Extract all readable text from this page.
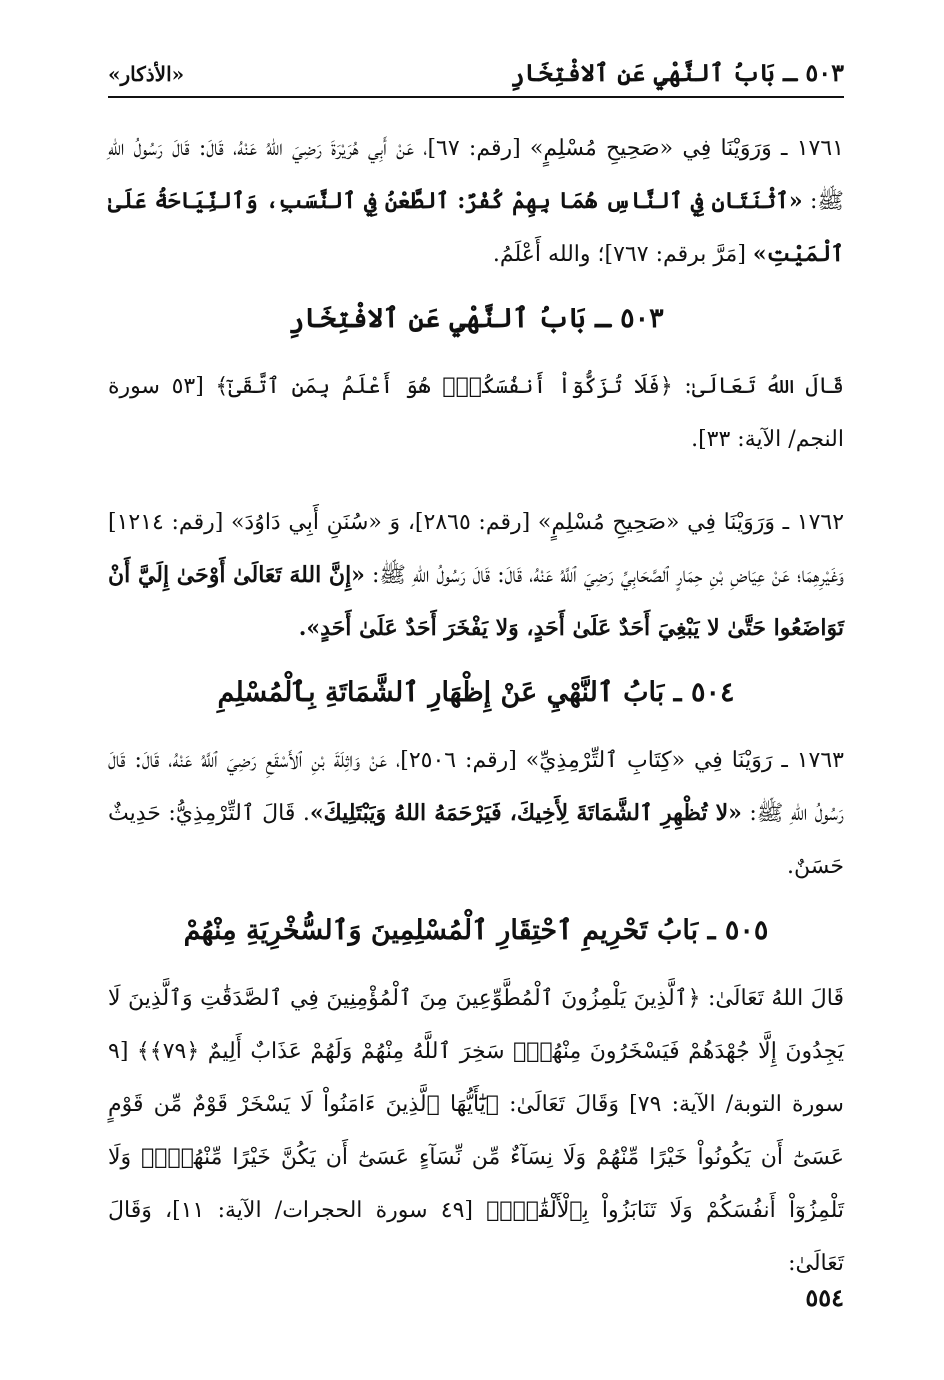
٥٠٣ ـ بَابُ ٱلنَّهْيِ عَنِ ٱلافْتِخَارِ
«الأذكار»

١٧٦١ ـ وَرَوَيْنَا فِي «صَحِيحِ مُسْلِمٍ» [رقم: ٦٧]، عَنْ أَبِي هُرَيْرَةَ رَضِيَ اللهُ عَنْهُ، قَالَ: قَالَ رَسُولُ اللهِ ﷺ: «ٱثْنَتَانِ فِي ٱلنَّاسِ هُمَا بِهِمْ كُفْرٌ: ٱلطَّعْنُ فِي ٱلنَّسَبِ، وَٱلنِّيَاحَةُ عَلَىٰ ٱلْمَيْتِ» [مَرَّ برقم: ٧٦٧]؛ والله أَعْلَمُ.

٥٠٣ ـ بَابُ ٱلنَّهْيِ عَنِ ٱلافْتِخَارِ

قَالَ اللهُ تَعَالَىٰ: ﴿فَلَا تُزَكُّوٓاْ أَنفُسَكُمْۖ هُوَ أَعْلَمُ بِمَنِ ٱتَّقَىٰٓ﴾ [٥٣ سورة النجم/ الآية: ٣٣].

١٧٦٢ ـ وَرَوَيْنَا فِي «صَحِيحِ مُسْلِمٍ» [رقم: ٢٨٦٥]، وَ «سُنَنِ أَبِي دَاوُدَ» [رقم: ١٢١٤] وَغَيْرِهِمَا؛ عَنْ عِيَاضِ بْنِ حِمَارٍ ٱلصَّحَابِيِّ رَضِيَ ٱللَّهُ عَنْهُ، قَالَ: قَالَ رَسُولُ اللهِ ﷺ: «إِنَّ اللهَ تَعَالَىٰ أَوْحَىٰ إِلَيَّ أَنْ تَوَاضَعُوا حَتَّىٰ لا يَبْغِيَ أَحَدٌ عَلَىٰ أَحَدٍ، وَلا يَفْخَرَ أَحَدٌ عَلَىٰ أَحَدٍ».

٥٠٤ ـ بَابُ ٱلنَّهْيِ عَنْ إِظْهَارِ ٱلشَّمَاتَةِ بِٱلْمُسْلِمِ

١٧٦٣ ـ رَوَيْنَا فِي «كِتَابِ ٱلتِّرْمِذِيِّ» [رقم: ٢٥٠٦]، عَنْ وَاثِلَةَ بْنِ ٱلأَسْقَعِ رَضِيَ ٱللَّهُ عَنْهُ، قَالَ: قَالَ رَسُولُ اللهِ ﷺ: «لا تُظْهِرِ ٱلشَّمَاتَةَ لِأَخِيكَ، فَيَرْحَمَهُ اللهُ وَيَبْتَلِيكَ». قَالَ ٱلتِّرْمِذِيُّ: حَدِيثٌ حَسَنٌ.

٥٠٥ ـ بَابُ تَحْرِيمِ ٱحْتِقَارِ ٱلْمُسْلِمِينَ وَٱلسُّخْرِيَةِ مِنْهُمْ

قَالَ اللهُ تَعَالَىٰ: ﴿ٱلَّذِينَ يَلْمِزُونَ ٱلْمُطَّوِّعِينَ مِنَ ٱلْمُؤْمِنِينَ فِي ٱلصَّدَقَٰتِ وَٱلَّذِينَ لَا يَجِدُونَ إِلَّا جُهْدَهُمْ فَيَسْخَرُونَ مِنْهُمْۙ سَخِرَ ٱللَّهُ مِنْهُمْ وَلَهُمْ عَذَابٌ أَلِيمٌ ﴿٧٩﴾﴾ [٩ سورة التوبة/ الآية: ٧٩] وَقَالَ تَعَالَىٰ: ﴿يَٰٓأَيُّهَا ٱلَّذِينَ ءَامَنُواْ لَا يَسْخَرْ قَوْمٌ مِّن قَوْمٍ عَسَىٰٓ أَن يَكُونُواْ خَيْرًا مِّنْهُمْ وَلَا نِسَآءٌ مِّن نِّسَآءٍ عَسَىٰٓ أَن يَكُنَّ خَيْرًا مِّنْهُنَّۖ وَلَا تَلْمِزُوٓاْ أَنفُسَكُمْ وَلَا تَنَابَزُواْ بِٱلْأَلْقَٰبِۖ﴾ [٤٩ سورة الحجرات/ الآية: ١١]، وَقَالَ تَعَالَىٰ:

٥٥٤
